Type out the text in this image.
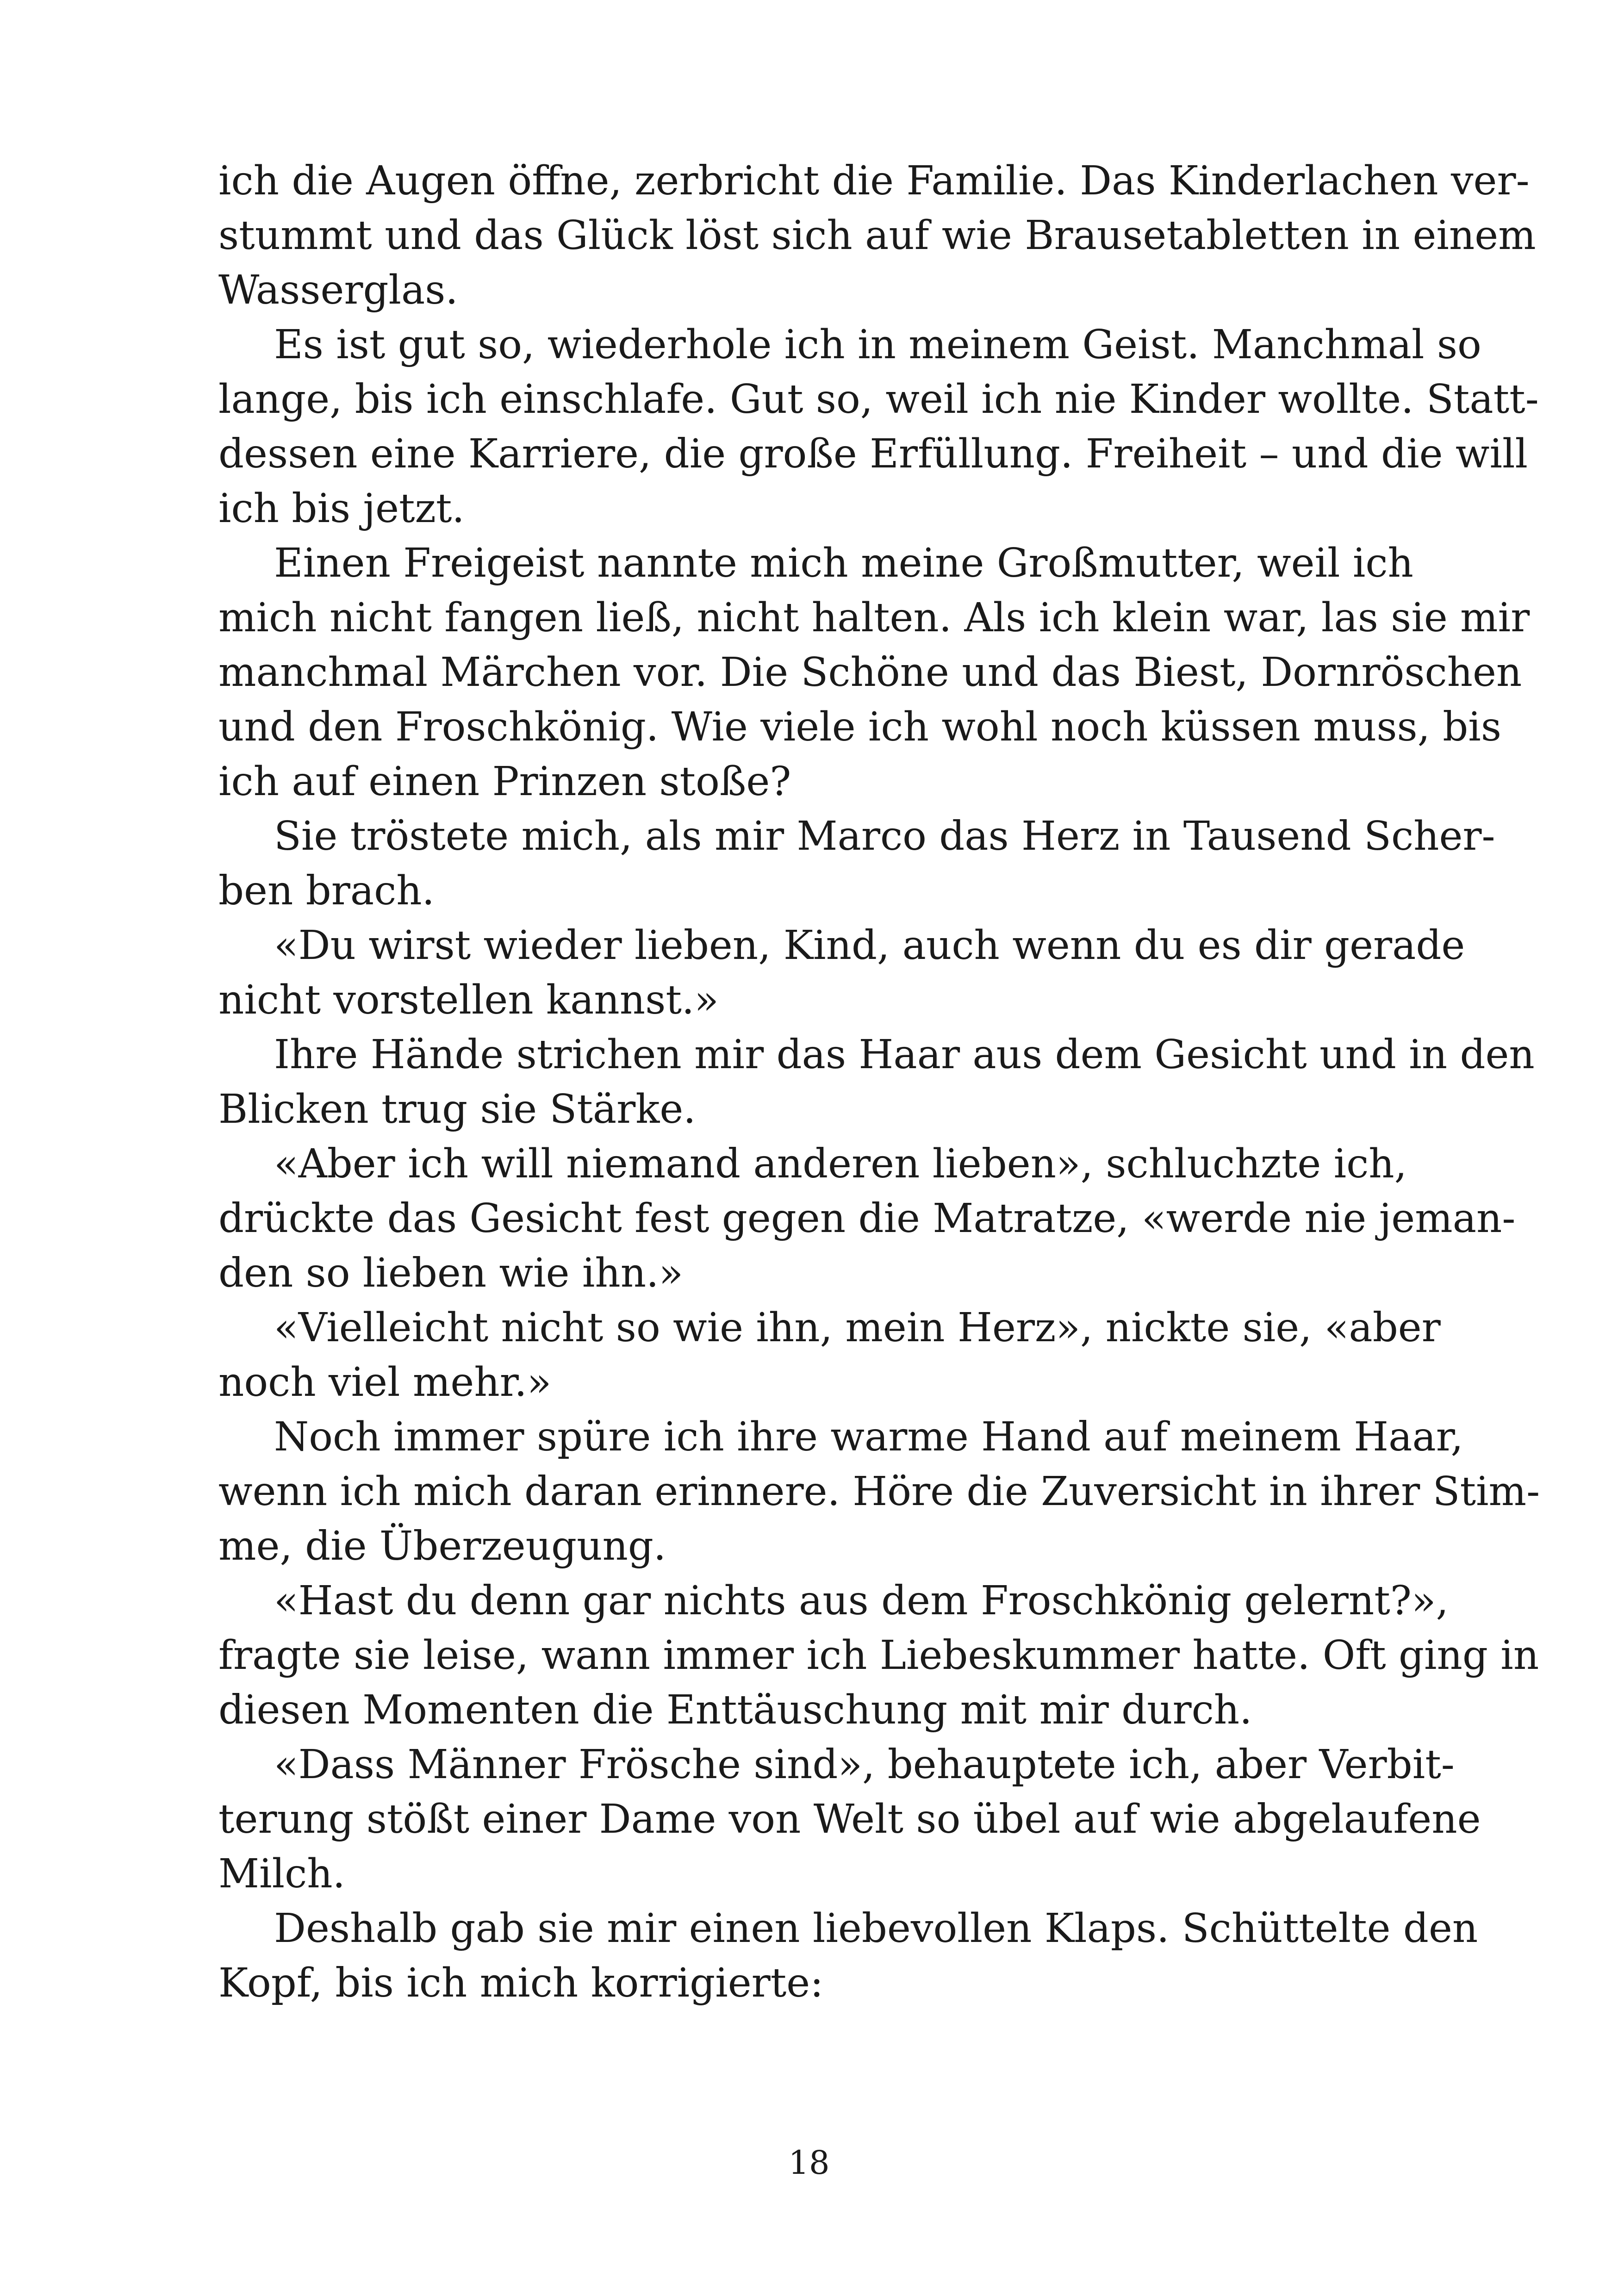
ich die Augen öffne, zerbricht die Familie. Das Kinderlachen ver-
stummt und das Glück löst sich auf wie Brausetabletten in einem
Wasserglas.
Es ist gut so, wiederhole ich in meinem Geist. Manchmal so
lange, bis ich einschlafe. Gut so, weil ich nie Kinder wollte. Statt-
dessen eine Karriere, die große Erfüllung. Freiheit – und die will
ich bis jetzt.
Einen Freigeist nannte mich meine Großmutter, weil ich
mich nicht fangen ließ, nicht halten. Als ich klein war, las sie mir
manchmal Märchen vor. Die Schöne und das Biest, Dornröschen
und den Froschkönig. Wie viele ich wohl noch küssen muss, bis
ich auf einen Prinzen stoße?
Sie tröstete mich, als mir Marco das Herz in Tausend Scher-
ben brach.
«Du wirst wieder lieben, Kind, auch wenn du es dir gerade
nicht vorstellen kannst.»
Ihre Hände strichen mir das Haar aus dem Gesicht und in den
Blicken trug sie Stärke.
«Aber ich will niemand anderen lieben», schluchzte ich,
drückte das Gesicht fest gegen die Matratze, «werde nie jeman-
den so lieben wie ihn.»
«Vielleicht nicht so wie ihn, mein Herz», nickte sie, «aber
noch viel mehr.»
Noch immer spüre ich ihre warme Hand auf meinem Haar,
wenn ich mich daran erinnere. Höre die Zuversicht in ihrer Stim-
me, die Überzeugung.
«Hast du denn gar nichts aus dem Froschkönig gelernt?»,
fragte sie leise, wann immer ich Liebeskummer hatte. Oft ging in
diesen Momenten die Enttäuschung mit mir durch.
«Dass Männer Frösche sind», behauptete ich, aber Verbit-
terung stößt einer Dame von Welt so übel auf wie abgelaufene
Milch.
Deshalb gab sie mir einen liebevollen Klaps. Schüttelte den
Kopf, bis ich mich korrigierte:
18
